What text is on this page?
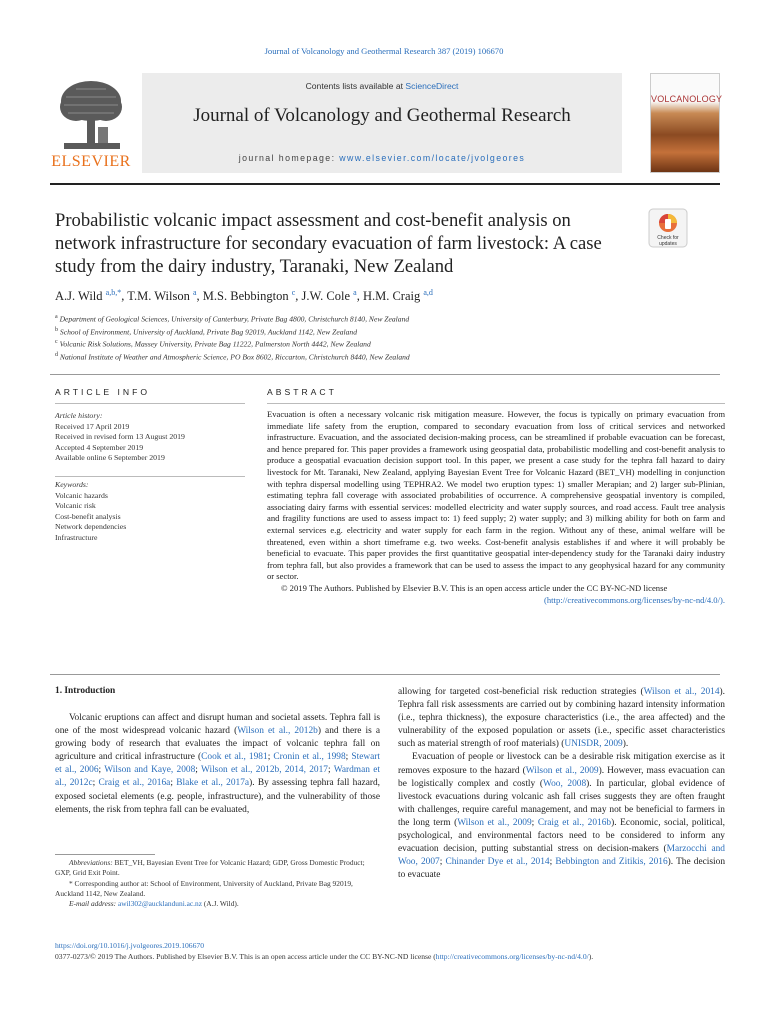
Journal of Volcanology and Geothermal Research 387 (2019) 106670
ELSEVIER
Contents lists available at ScienceDirect
Journal of Volcanology and Geothermal Research
journal homepage: www.elsevier.com/locate/jvolgeores
VOLCANOLOGY
Probabilistic volcanic impact assessment and cost-benefit analysis on network infrastructure for secondary evacuation of farm livestock: A case study from the dairy industry, Taranaki, New Zealand
Check for
updates
A.J. Wild $^{a,b,*}$, T.M. Wilson $^a$, M.S. Bebbington $^c$, J.W. Cole $^a$, H.M. Craig $^{a,d}$
$^a$ Department of Geological Sciences, University of Canterbury, Private Bag 4800, Christchurch 8140, New Zealand
$^b$ School of Environment, University of Auckland, Private Bag 92019, Auckland 1142, New Zealand
$^c$ Volcanic Risk Solutions, Massey University, Private Bag 11222, Palmerston North 4442, New Zealand
$^d$ National Institute of Weather and Atmospheric Science, PO Box 8602, Riccarton, Christchurch 8440, New Zealand
ARTICLE INFO	ABSTRACT
Article history:
Received 17 April 2019
Received in revised form 13 August 2019
Accepted 4 September 2019
Available online 6 September 2019
Keywords:
Volcanic hazards
Volcanic risk
Cost-benefit analysis
Network dependencies
Infrastructure
Evacuation is often a necessary volcanic risk mitigation measure. However, the focus is typically on primary evacuation from immediate life safety from the eruption, compared to secondary evacuation from loss of critical services and networked infrastructure. Evacuation, and the associated decision-making process, can be streamlined if probable evacuation can be forecast, and hence prepared for. This paper provides a framework using geospatial data, probabilistic modelling and cost-benefit analysis to produce a geospatial evacuation decision support tool. In this paper, we present a case study for the tephra fall hazard to dairy livestock for Mt. Taranaki, New Zealand, applying Bayesian Event Tree for Volcanic Hazard (BET_VH) modelling in conjunction with tephra dispersal modelling using TEPHRA2. We model two eruption types: 1) smaller Merapian; and 2) larger sub-Plinian, estimating tephra fall coverage with associated probabilities of occurrence. A comprehensive geospatial inventory is compiled, associating dairy farms with essential services: modelled electricity and water supply sources, and road access. Fault tree analysis and fragility functions are used to assess impact to: 1) feed supply; 2) water supply; and 3) milking ability for both on farm and external services e.g. electricity and water supply for each farm in the region. Without any of these, animal welfare will be threatened, even within a short timeframe e.g. two weeks. Cost-benefit analysis establishes if and where it will probably be beneficial to evacuate. This paper provides the first quantitative geospatial inter-dependency study for the Taranaki dairy industry from tephra fall, but also provides a framework that can be used to assess the impact to any geophysical hazard for any community or sector.
© 2019 The Authors. Published by Elsevier B.V. This is an open access article under the CC BY-NC-ND license
(http://creativecommons.org/licenses/by-nc-nd/4.0/).
1. Introduction

Volcanic eruptions can affect and disrupt human and societal assets. Tephra fall is one of the most widespread volcanic hazard (Wilson et al., 2012b) and there is a growing body of research that evaluates the impact of volcanic tephra fall on agriculture and critical infrastructure (Cook et al., 1981; Cronin et al., 1998; Stewart et al., 2006; Wilson and Kaye, 2008; Wilson et al., 2012b, 2014, 2017; Wardman et al., 2012c; Craig et al., 2016a; Blake et al., 2017a). By assessing tephra fall hazard, exposed societal elements (e.g. people, infrastructure), and the vulnerability of those elements, the risk from tephra fall can be evaluated,

allowing for targeted cost-beneficial risk reduction strategies (Wilson et al., 2014). Tephra fall risk assessments are carried out by combining hazard intensity information (i.e., tephra thickness), the exposure characteristics (i.e., the area affected) and the vulnerability of the exposed population or assets (i.e., specific asset characteristics such as material strength of roof materials) (UNISDR, 2009).

Evacuation of people or livestock can be a desirable risk mitigation exercise as it removes exposure to the hazard (Wilson et al., 2009). However, mass evacuation can be logistically complex and costly (Woo, 2008). In particular, global evidence of livestock evacuations during volcanic ash fall crises suggests they are often fraught with challenges, require careful management, and may not be beneficial to farmers in the long term (Wilson et al., 2009; Craig et al., 2016b). Economic, social, political, psychological, and environmental factors need to be considered to inform any evacuation decision, putting substantial stress on decision-makers (Marzocchi and Woo, 2007; Chinander Dye et al., 2014; Bebbington and Zitikis, 2016). The decision to evacuate

Abbreviations: BET_VH, Bayesian Event Tree for Volcanic Hazard; GDP, Gross Domestic Product; GXP, Grid Exit Point.
* Corresponding author at: School of Environment, University of Auckland, Private Bag 92019, Auckland 1142, New Zealand.
E-mail address: awil302@aucklanduni.ac.nz (A.J. Wild).
https://doi.org/10.1016/j.jvolgeores.2019.106670
0377-0273/© 2019 The Authors. Published by Elsevier B.V. This is an open access article under the CC BY-NC-ND license (http://creativecommons.org/licenses/by-nc-nd/4.0/).
